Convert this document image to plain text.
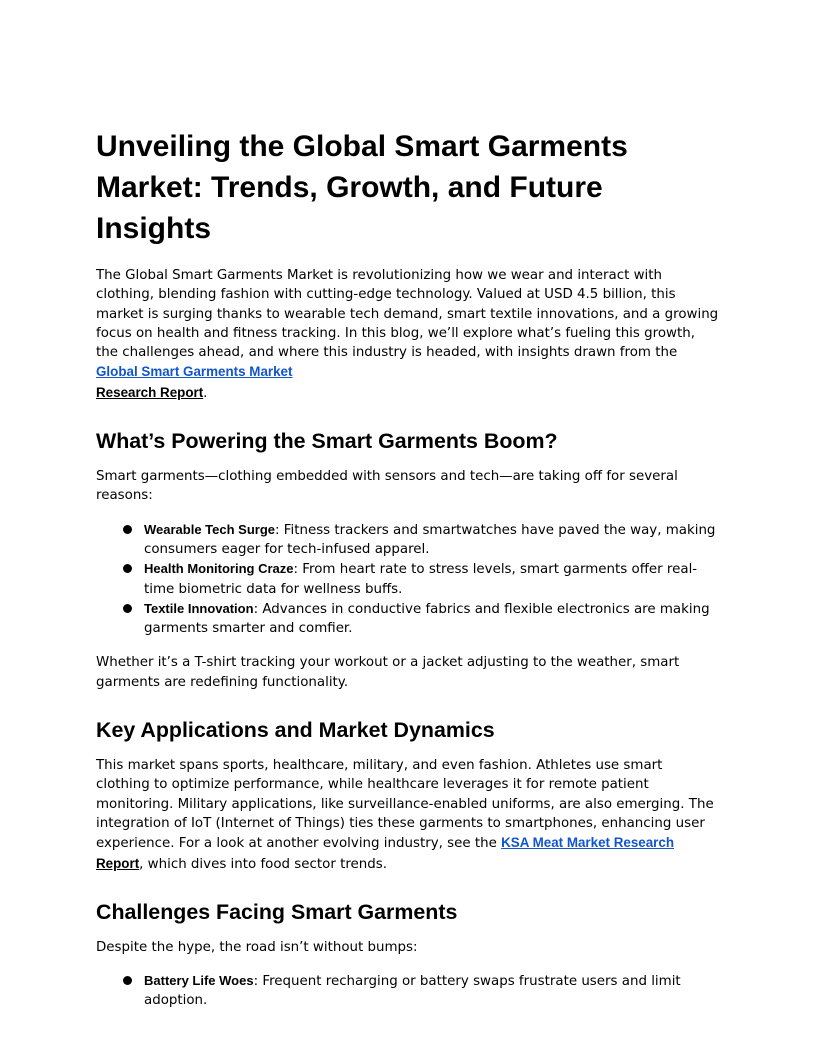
Unveiling the Global Smart Garments Market: Trends, Growth, and Future Insights

The Global Smart Garments Market is revolutionizing how we wear and interact with clothing, blending fashion with cutting-edge technology. Valued at USD 4.5 billion, this market is surging thanks to wearable tech demand, smart textile innovations, and a growing focus on health and fitness tracking. In this blog, we’ll explore what’s fueling this growth, the challenges ahead, and where this industry is headed, with insights drawn from the Global Smart Garments Market
Research Report.

What’s Powering the Smart Garments Boom?

Smart garments—clothing embedded with sensors and tech—are taking off for several reasons:

Wearable Tech Surge: Fitness trackers and smartwatches have paved the way, making consumers eager for tech-infused apparel.
Health Monitoring Craze: From heart rate to stress levels, smart garments offer real-time biometric data for wellness buffs.
Textile Innovation: Advances in conductive fabrics and flexible electronics are making garments smarter and comfier.

Whether it’s a T-shirt tracking your workout or a jacket adjusting to the weather, smart garments are redefining functionality.

Key Applications and Market Dynamics

This market spans sports, healthcare, military, and even fashion. Athletes use smart clothing to optimize performance, while healthcare leverages it for remote patient monitoring. Military applications, like surveillance-enabled uniforms, are also emerging. The integration of IoT (Internet of Things) ties these garments to smartphones, enhancing user experience. For a look at another evolving industry, see the KSA Meat Market Research Report, which dives into food sector trends.

Challenges Facing Smart Garments

Despite the hype, the road isn’t without bumps:

Battery Life Woes: Frequent recharging or battery swaps frustrate users and limit adoption.
